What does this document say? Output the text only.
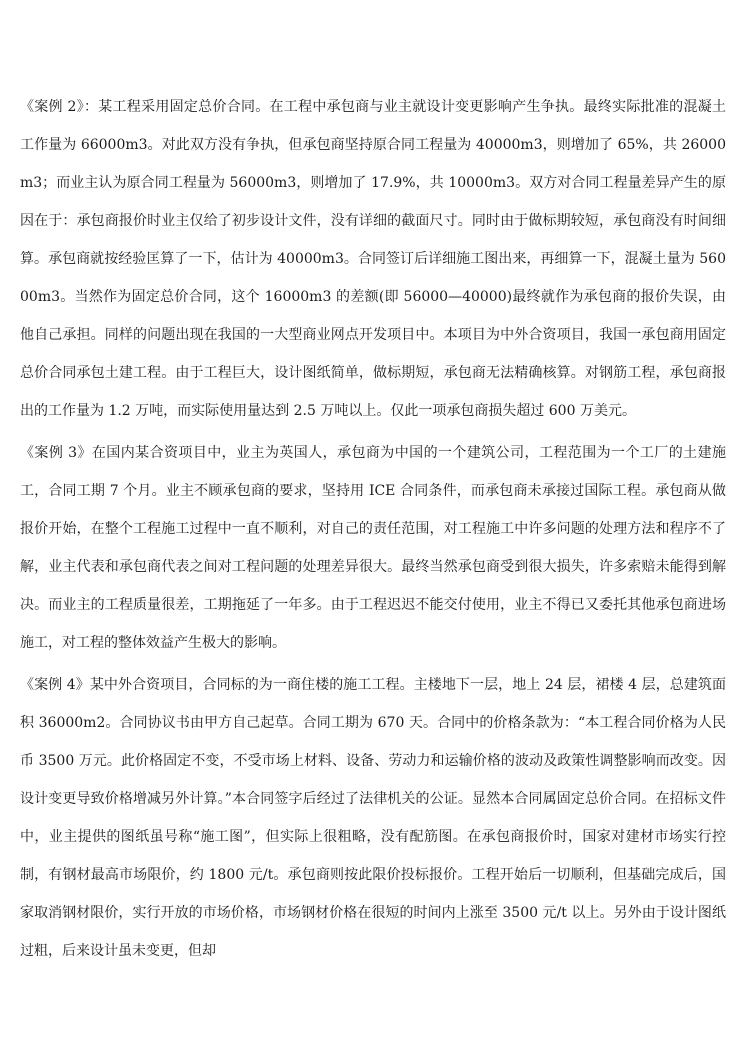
《案例 2》：某工程采用固定总价合同。在工程中承包商与业主就设计变更影响产生争执。最终实际批准的混凝土工作量为 66000m3。对此双方没有争执，但承包商坚持原合同工程量为 40000m3，则增加了 65%，共 26000m3；而业主认为原合同工程量为 56000m3，则增加了 17.9%，共 10000m3。双方对合同工程量差异产生的原因在于：承包商报价时业主仅给了初步设计文件，没有详细的截面尺寸。同时由于做标期较短，承包商没有时间细算。承包商就按经验匡算了一下，估计为 40000m3。合同签订后详细施工图出来，再细算一下，混凝土量为 56000m3。当然作为固定总价合同，这个 16000m3 的差额(即 56000—40000)最终就作为承包商的报价失误，由他自己承担。同样的问题出现在我国的一大型商业网点开发项目中。本项目为中外合资项目，我国一承包商用固定总价合同承包土建工程。由于工程巨大，设计图纸简单，做标期短，承包商无法精确核算。对钢筋工程，承包商报出的工作量为 1.2 万吨，而实际使用量达到 2.5 万吨以上。仅此一项承包商损失超过 600 万美元。

《案例 3》在国内某合资项目中，业主为英国人，承包商为中国的一个建筑公司，工程范围为一个工厂的土建施工，合同工期 7 个月。业主不顾承包商的要求，坚持用 ICE 合同条件，而承包商未承接过国际工程。承包商从做报价开始，在整个工程施工过程中一直不顺利，对自己的责任范围，对工程施工中许多问题的处理方法和程序不了解，业主代表和承包商代表之间对工程问题的处理差异很大。最终当然承包商受到很大损失，许多索赔未能得到解决。而业主的工程质量很差，工期拖延了一年多。由于工程迟迟不能交付使用，业主不得已又委托其他承包商进场施工，对工程的整体效益产生极大的影响。

《案例 4》某中外合资项目，合同标的为一商住楼的施工工程。主楼地下一层，地上 24 层，裙楼 4 层，总建筑面积 36000m2。合同协议书由甲方自己起草。合同工期为 670 天。合同中的价格条款为：“本工程合同价格为人民币 3500 万元。此价格固定不变，不受市场上材料、设备、劳动力和运输价格的波动及政策性调整影响而改变。因设计变更导致价格增减另外计算。”本合同签字后经过了法律机关的公证。显然本合同属固定总价合同。在招标文件中，业主提供的图纸虽号称“施工图”，但实际上很粗略，没有配筋图。在承包商报价时，国家对建材市场实行控制，有钢材最高市场限价，约 1800 元/t。承包商则按此限价投标报价。工程开始后一切顺利，但基础完成后，国家取消钢材限价，实行开放的市场价格，市场钢材价格在很短的时间内上涨至 3500 元/t 以上。另外由于设计图纸过粗，后来设计虽未变更，但却
